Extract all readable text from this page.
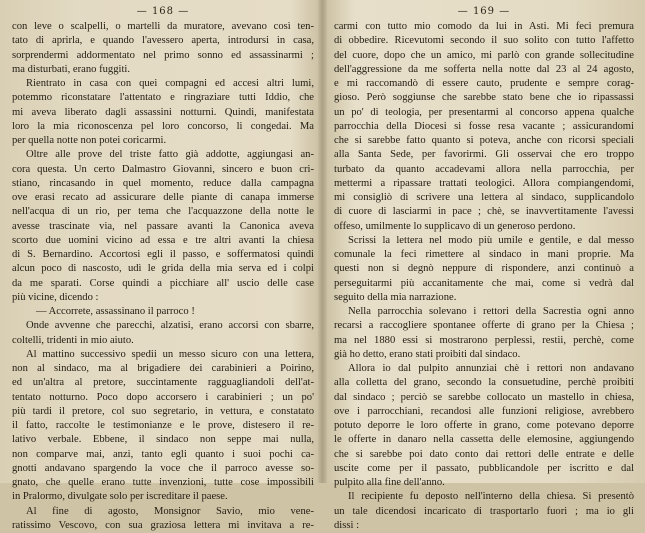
— 168 —
con leve o scalpelli, o martelli da muratore, avevano così ten-
tato di aprirla, e quando l'avessero aperta, introdursi in casa,
sorprendermi addormentato nel primo sonno ed assassinarmi ;
ma disturbati, erano fuggiti.
Rientrato in casa con quei compagni ed accesi altri lumi,
potemmo riconstatare l'attentato e ringraziare tutti Iddio, che
mi aveva liberato dagli assassini notturni. Quindi, manifestata
loro la mia riconoscenza pel loro concorso, li congedai. Ma
per quella notte non potei coricarmi.
Oltre alle prove del triste fatto già addotte, aggiungasi an-
cora questa. Un certo Dalmastro Giovanni, sincero e buon cri-
stiano, rincasando in quel momento, reduce dalla campagna
ove erasi recato ad assicurare delle piante di canapa immerse
nell'acqua di un rio, per tema che l'acquazzone della notte le
avesse trascinate via, nel passare avanti la Canonica aveva
scorto due uomini vicino ad essa e tre altri avanti la chiesa
di S. Bernardino. Accortosi egli il passo, e soffermatosi quindi
alcun poco di nascosto, udì le grida della mia serva ed i colpi
da me sparati. Corse quindi a picchiare all' uscio delle case
più vicine, dicendo :
— Accorrete, assassinano il parroco !
Onde avvenne che parecchi, alzatisi, erano accorsi con sbarre,
coltelli, tridenti in mio aiuto.
Al mattino successivo spedii un messo sicuro con una lettera,
non al sindaco, ma al brigadiere dei carabinieri a Poirino,
ed un'altra al pretore, succintamente ragguagliandoli dell'at-
tentato notturno. Poco dopo accorsero i carabinieri ; un po'
più tardi il pretore, col suo segretario, in vettura, e constatato
il fatto, raccolte le testimonianze e le prove, distesero il re-
lativo verbale. Ebbene, il sindaco non seppe mai nulla,
non comparve mai, anzi, tanto egli quanto i suoi pochi ca-
gnotti andavano spargendo la voce che il parroco avesse so-
gnato, che quelle erano tutte invenzioni, tutte cose impossibili
in Pralormo, divulgate solo per iscreditare il paese.
Al fine di agosto, Monsignor Savio, mio vene-
ratissimo Vescovo, con sua graziosa lettera mi invitava a re-
— 169 —
carmi con tutto mio comodo da lui in Asti. Mi feci premura
di obbedire. Ricevutomi secondo il suo solito con tutto l'affetto
del cuore, dopo che un amico, mi parlò con grande sollecitudine
dell'aggressione da me sofferta nella notte dal 23 al 24 agosto,
e mi raccomandò di essere cauto, prudente e sempre corag-
gioso. Però soggiunse che sarebbe stato bene che io ripassassi
un po' di teologia, per presentarmi al concorso appena qualche
parrocchia della Diocesi si fosse resa vacante ; assicurandomi
che si sarebbe fatto quanto si poteva, anche con ricorsi speciali
alla Santa Sede, per favorirmi. Gli osservai che ero troppo
turbato da quanto accadevami allora nella parrocchia, per
mettermi a ripassare trattati teologici. Allora compiangendomi,
mi consigliò di scrivere una lettera al sindaco, supplicandolo
di cuore di lasciarmi in pace ; chè, se inavvertitamente l'avessi
offeso, umilmente lo supplicavo di un generoso perdono.
Scrissi la lettera nel modo più umile e gentile, e dal messo
comunale la feci rimettere al sindaco in mani proprie. Ma
questi non si degnò neppure di rispondere, anzi continuò a
perseguitarmi più accanitamente che mai, come si vedrà dal
seguito della mia narrazione.
Nella parrocchia solevano i rettori della Sacrestia ogni anno
recarsi a raccogliere spontanee offerte di grano per la Chiesa ;
ma nel 1880 essi si mostrarono perplessi, restii, perchè, come
già ho detto, erano stati proibiti dal sindaco.
Allora io dal pulpito annunziai chè i rettori non andavano
alla colletta del grano, secondo la consuetudine, perchè proibiti
dal sindaco ; perciò se sarebbe collocato un mastello in chiesa,
ove i parrocchiani, recandosi alle funzioni religiose, avrebbero
potuto deporre le loro offerte in grano, come potevano deporre
le offerte in danaro nella cassetta delle elemosine, aggiungendo
che si sarebbe poi dato conto dai rettori delle entrate e delle
uscite come per il passato, pubblicandole per iscritto e dal
pulpito alla fine dell'anno.
Il recipiente fu deposto nell'interno della chiesa. Si presentò
un tale dicendosi incaricato di trasportarlo fuori ; ma io gli
dissi :
